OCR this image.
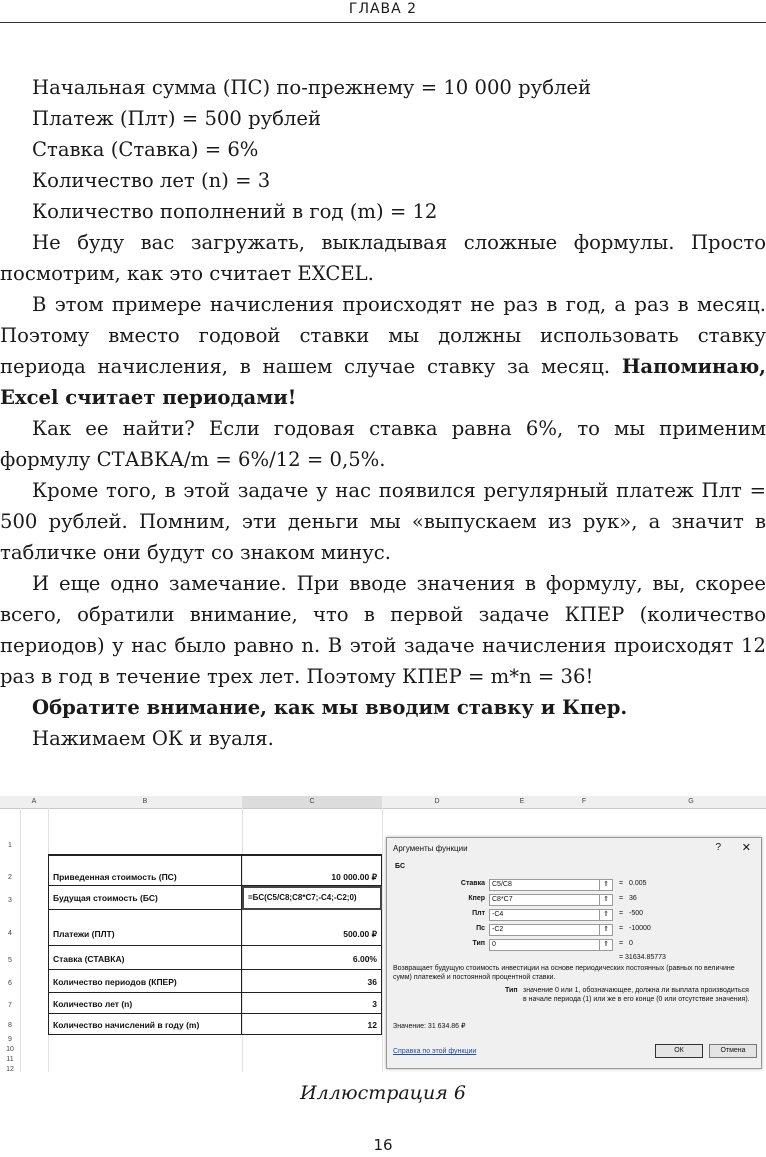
ГЛАВА 2

Начальная сумма (ПС) по-прежнему = 10 000 рублей

Платеж (Плт) = 500 рублей

Ставка (Ставка) = 6%

Количество лет (n) = 3

Количество пополнений в год (m) = 12

Не буду вас загружать, выкладывая сложные формулы. Просто посмотрим, как это считает EXCEL.

В этом примере начисления происходят не раз в год, а раз в месяц. Поэтому вместо годовой ставки мы должны использовать ставку периода начисления, в нашем случае ставку за месяц. Напоминаю, Excel считает периодами!

Как ее найти? Если годовая ставка равна 6%, то мы применим формулу СТАВКА/m = 6%/12 = 0,5%.

Кроме того, в этой задаче у нас появился регулярный платеж Плт = 500 рублей. Помним, эти деньги мы «выпускаем из рук», а значит в табличке они будут со знаком минус.

И еще одно замечание. При вводе значения в формулу, вы, скорее всего, обратили внимание, что в первой задаче КПЕР (количество периодов) у нас было равно n. В этой задаче начисления происходят 12 раз в год в течение трех лет. Поэтому КПЕР = m*n = 36!

Обратите внимание, как мы вводим ставку и Кпер.

Нажимаем ОК и вуаля.

A	B	C	D	E	F	G
1
2
3
4
5
6
7
8
9
10
11
12
Приведенная стоимость (ПС)	10 000.00 ₽
Будущая стоимость (БС)	=БС(C5/C8;C8*C7;-C4;-C2;0)
Платежи (ПЛТ)	500.00 ₽
Ставка (СТАВКА)	6.00%
Количество периодов (КПЕР)	36
Количество лет (n)	3
Количество начислений в году (m)	12
Аргументы функции	? ✕
БС
Ставка	C5/C8	⇑	= 0.005
Кпер	C8*C7	⇑	= 36
Плт	-C4	⇑	= -500
Пс	-C2	⇑	= -10000
Тип	0	⇑	= 0
= 31634.85773
Возвращает будущую стоимость инвестиции на основе периодических постоянных (равных по величине сумм) платежей и постоянной процентной ставки.
Тип значение 0 или 1, обозначающее, должна ли выплата производиться в начале периода (1) или же в его конце (0 или отсутствие значения).
Значение: 31 634.86 ₽
Справка по этой функции	ОК	Отмена
Иллюстрация 6
16
